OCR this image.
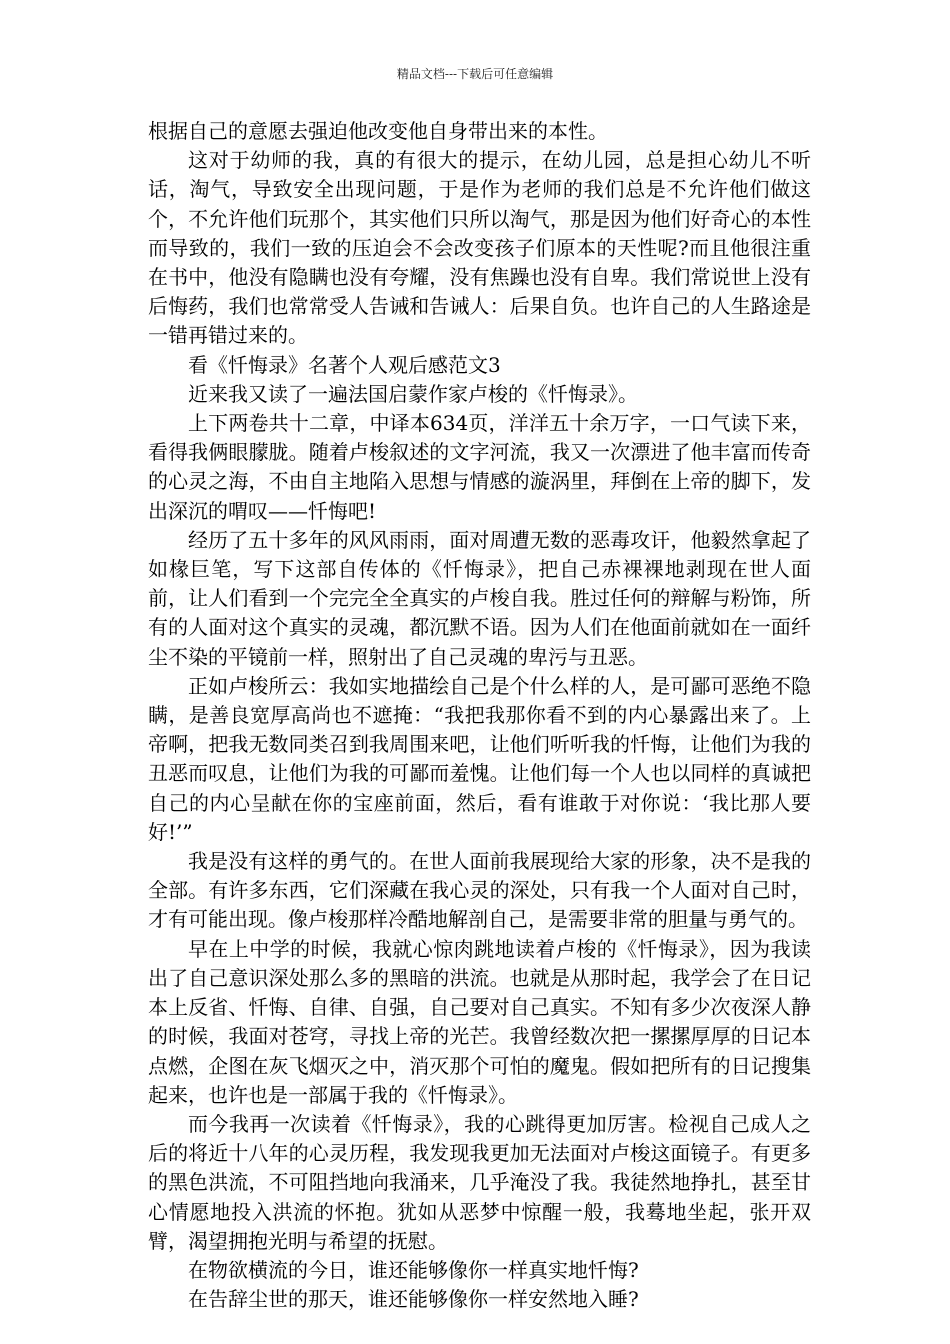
精品文档---下载后可任意编辑

根据自己的意愿去强迫他改变他自身带出来的本性。

这对于幼师的我，真的有很大的提示，在幼儿园，总是担心幼儿不听话，淘气，导致安全出现问题，于是作为老师的我们总是不允许他们做这个，不允许他们玩那个，其实他们只所以淘气，那是因为他们好奇心的本性而导致的，我们一致的压迫会不会改变孩子们原本的天性呢?而且他很注重在书中，他没有隐瞒也没有夸耀，没有焦躁也没有自卑。我们常说世上没有后悔药，我们也常常受人告诫和告诫人：后果自负。也许自己的人生路途是一错再错过来的。

看《忏悔录》名著个人观后感范文3

近来我又读了一遍法国启蒙作家卢梭的《忏悔录》。

上下两卷共十二章，中译本634页，洋洋五十余万字，一口气读下来，看得我俩眼朦胧。随着卢梭叙述的文字河流，我又一次漂进了他丰富而传奇的心灵之海，不由自主地陷入思想与情感的漩涡里，拜倒在上帝的脚下，发出深沉的喟叹——忏悔吧!

经历了五十多年的风风雨雨，面对周遭无数的恶毒攻讦，他毅然拿起了如椽巨笔，写下这部自传体的《忏悔录》，把自己赤裸裸地剥现在世人面前，让人们看到一个完完全全真实的卢梭自我。胜过任何的辩解与粉饰，所有的人面对这个真实的灵魂，都沉默不语。因为人们在他面前就如在一面纤尘不染的平镜前一样，照射出了自己灵魂的卑污与丑恶。

正如卢梭所云：我如实地描绘自己是个什么样的人，是可鄙可恶绝不隐瞒，是善良宽厚高尚也不遮掩：“我把我那你看不到的内心暴露出来了。上帝啊，把我无数同类召到我周围来吧，让他们听听我的忏悔，让他们为我的丑恶而叹息，让他们为我的可鄙而羞愧。让他们每一个人也以同样的真诚把自己的内心呈献在你的宝座前面，然后，看有谁敢于对你说：‘我比那人要好!’”

我是没有这样的勇气的。在世人面前我展现给大家的形象，决不是我的全部。有许多东西，它们深藏在我心灵的深处，只有我一个人面对自己时，才有可能出现。像卢梭那样冷酷地解剖自己，是需要非常的胆量与勇气的。

早在上中学的时候，我就心惊肉跳地读着卢梭的《忏悔录》，因为我读出了自己意识深处那么多的黑暗的洪流。也就是从那时起，我学会了在日记本上反省、忏悔、自律、自强，自己要对自己真实。不知有多少次夜深人静的时候，我面对苍穹，寻找上帝的光芒。我曾经数次把一摞摞厚厚的日记本点燃，企图在灰飞烟灭之中，消灭那个可怕的魔鬼。假如把所有的日记搜集起来，也许也是一部属于我的《忏悔录》。

而今我再一次读着《忏悔录》，我的心跳得更加厉害。检视自己成人之后的将近十八年的心灵历程，我发现我更加无法面对卢梭这面镜子。有更多的黑色洪流，不可阻挡地向我涌来，几乎淹没了我。我徒然地挣扎，甚至甘心情愿地投入洪流的怀抱。犹如从恶梦中惊醒一般，我蓦地坐起，张开双臂，渴望拥抱光明与希望的抚慰。

在物欲横流的今日，谁还能够像你一样真实地忏悔?

在告辞尘世的那天，谁还能够像你一样安然地入睡?
